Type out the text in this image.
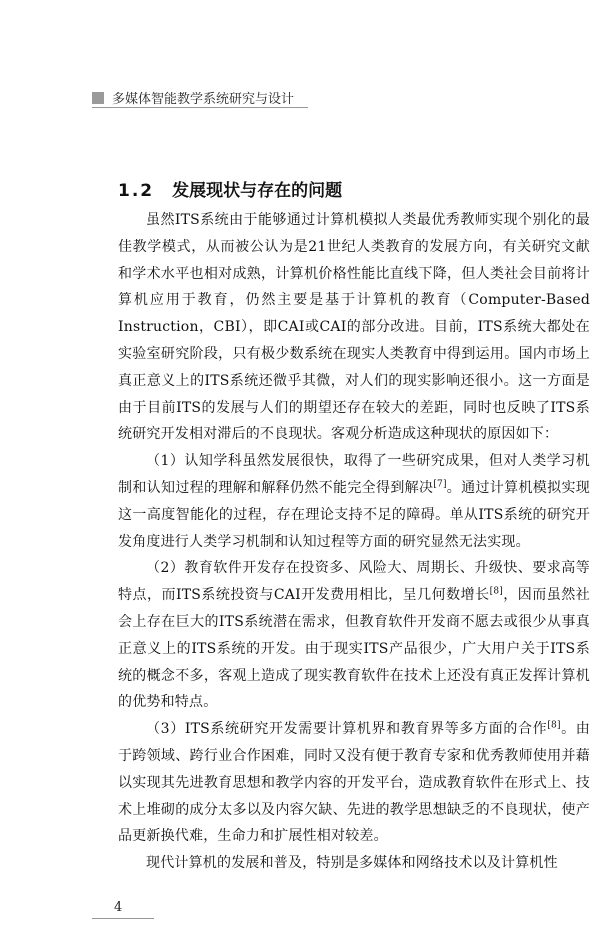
多媒体智能教学系统研究与设计
1.2 发展现状与存在的问题

虽然ITS系统由于能够通过计算机模拟人类最优秀教师实现个别化的最佳教学模式，从而被公认为是21世纪人类教育的发展方向，有关研究文献和学术水平也相对成熟，计算机价格性能比直线下降，但人类社会目前将计算机应用于教育，仍然主要是基于计算机的教育（Computer-Based Instruction，CBI），即CAI或CAI的部分改进。目前，ITS系统大都处在实验室研究阶段，只有极少数系统在现实人类教育中得到运用。国内市场上真正意义上的ITS系统还微乎其微，对人们的现实影响还很小。这一方面是由于目前ITS的发展与人们的期望还存在较大的差距，同时也反映了ITS系统研究开发相对滞后的不良现状。客观分析造成这种现状的原因如下：

（1）认知学科虽然发展很快，取得了一些研究成果，但对人类学习机制和认知过程的理解和解释仍然不能完全得到解决[7]。通过计算机模拟实现这一高度智能化的过程，存在理论支持不足的障碍。单从ITS系统的研究开发角度进行人类学习机制和认知过程等方面的研究显然无法实现。

（2）教育软件开发存在投资多、风险大、周期长、升级快、要求高等特点，而ITS系统投资与CAI开发费用相比，呈几何数增长[8]，因而虽然社会上存在巨大的ITS系统潜在需求，但教育软件开发商不愿去或很少从事真正意义上的ITS系统的开发。由于现实ITS产品很少，广大用户关于ITS系统的概念不多，客观上造成了现实教育软件在技术上还没有真正发挥计算机的优势和特点。

（3）ITS系统研究开发需要计算机界和教育界等多方面的合作[8]。由于跨领域、跨行业合作困难，同时又没有便于教育专家和优秀教师使用并藉以实现其先进教育思想和教学内容的开发平台，造成教育软件在形式上、技术上堆砌的成分太多以及内容欠缺、先进的教学思想缺乏的不良现状，使产品更新换代难，生命力和扩展性相对较差。

现代计算机的发展和普及，特别是多媒体和网络技术以及计算机性

4
